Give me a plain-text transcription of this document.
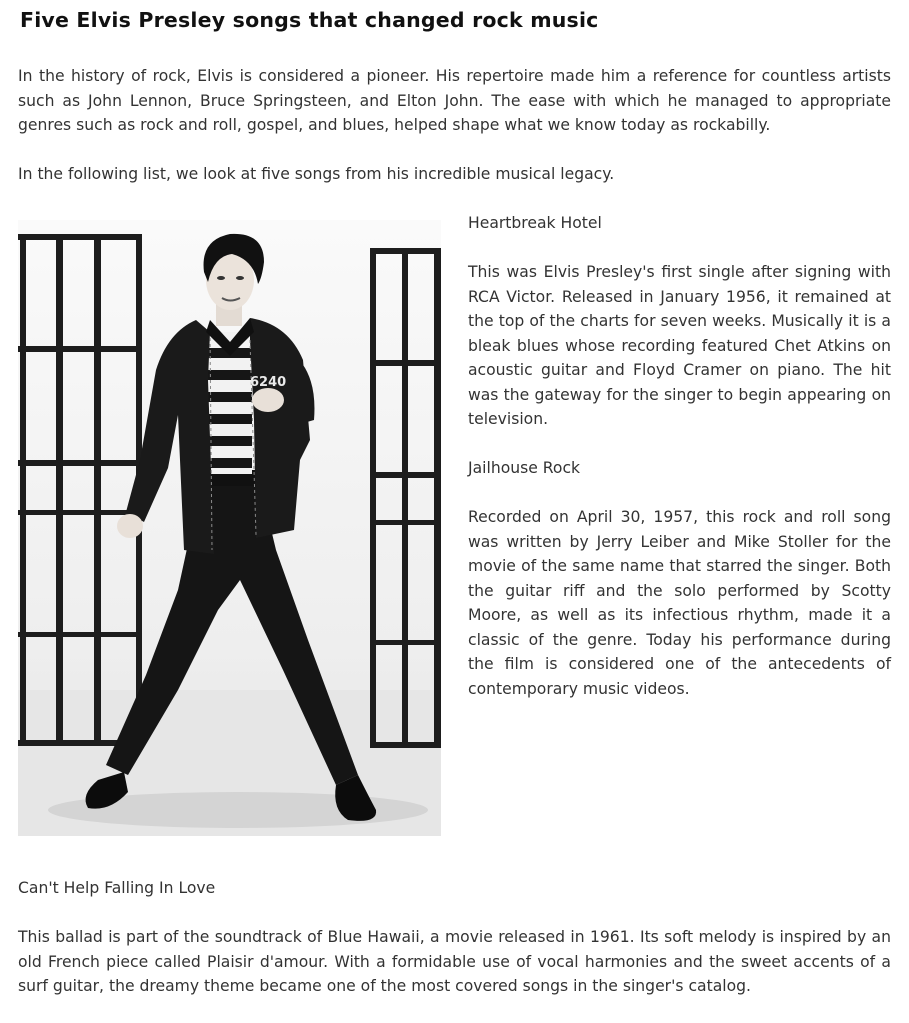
Five Elvis Presley songs that changed rock music

In the history of rock, Elvis is considered a pioneer. His repertoire made him a reference for countless artists such as John Lennon, Bruce Springsteen, and Elton John. The ease with which he managed to appropriate genres such as rock and roll, gospel, and blues, helped shape what we know today as rockabilly.

In the following list, we look at five songs from his incredible musical legacy.

6240
Heartbreak Hotel

This was Elvis Presley's first single after signing with RCA Victor. Released in January 1956, it remained at the top of the charts for seven weeks. Musically it is a bleak blues whose recording featured Chet Atkins on acoustic guitar and Floyd Cramer on piano. The hit was the gateway for the singer to begin appearing on television.

Jailhouse Rock

Recorded on April 30, 1957, this rock and roll song was written by Jerry Leiber and Mike Stoller for the movie of the same name that starred the singer. Both the guitar riff and the solo performed by Scotty Moore, as well as its infectious rhythm, made it a classic of the genre. Today his performance during the film is considered one of the antecedents of contemporary music videos.

Can't Help Falling In Love

This ballad is part of the soundtrack of Blue Hawaii, a movie released in 1961. Its soft melody is inspired by an old French piece called Plaisir d'amour. With a formidable use of vocal harmonies and the sweet accents of a surf guitar, the dreamy theme became one of the most covered songs in the singer's catalog.
